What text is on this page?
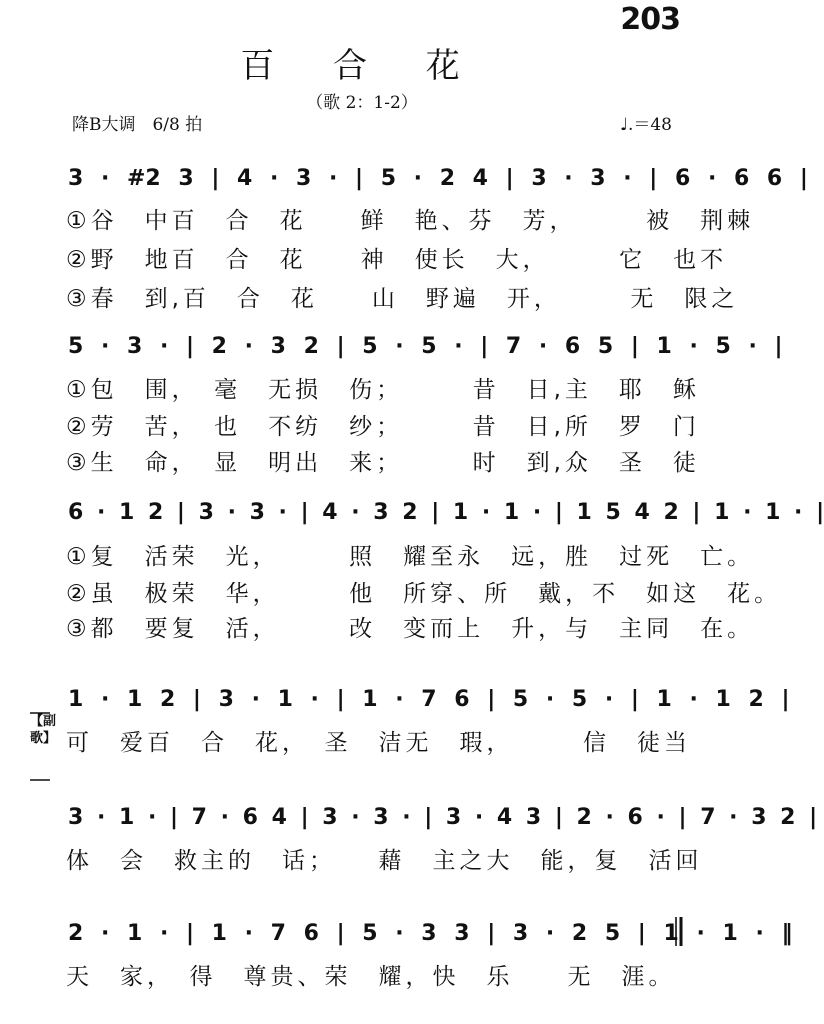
203
百 合 花
（歌 2：1-2）
降B大调　6/8 拍	♩.＝48
3 · #2 3 | 4 · 3 · | 5 · 2 4 | 3 · 3 · | 6 · 6 6 |
①谷　中百　合　花　　鲜　艳、芬　芳，　　　被　荆棘
②野　地百　合　花　　神　使长　大，　　　它　也不
③春　到,百　合　花　　山　野遍　开，　　　无　限之
5 · 3 · | 2 · 3 2 | 5 · 5 · | 7 · 6 5 | 1 · 5 · |
①包　围，　毫　无损　伤；　　　昔　日,主　耶　稣
②劳　苦，　也　不纺　纱；　　　昔　日,所　罗　门
③生　命，　显　明出　来；　　　时　到,众　圣　徒
6 · 1 2 | 3 · 3 · | 4 · 3 2 | 1 · 1 · | 1 5 4 2 | 1 · 1 · |
①复　活荣　光，　　　照　耀至永　远，胜　过死　亡。
②虽　极荣　华，　　　他　所穿、所　戴，不　如这　花。
③都　要复　活，　　　改　变而上　升，与　主同　在。
1 · 1 2 | 3 · 1 · | 1 · 7 6 | 5 · 5 · | 1 · 1 2 |
【副歌】 可　爱百　合　花，　圣　洁无　瑕，　　　信　徒当
3 · 1 · | 7 · 6 4 | 3 · 3 · | 3 · 4 3 | 2 · 6 · | 7 · 3 2 |
体　会　救主的　话；　　藉　主之大　能，复　活回
2 · 1 · | 1 · 7 6 | 5 · 3 3 | 3 · 2 5 | 1 · 1 · ‖
天　家，　得　尊贵、荣　耀，快　乐　　无　涯。
